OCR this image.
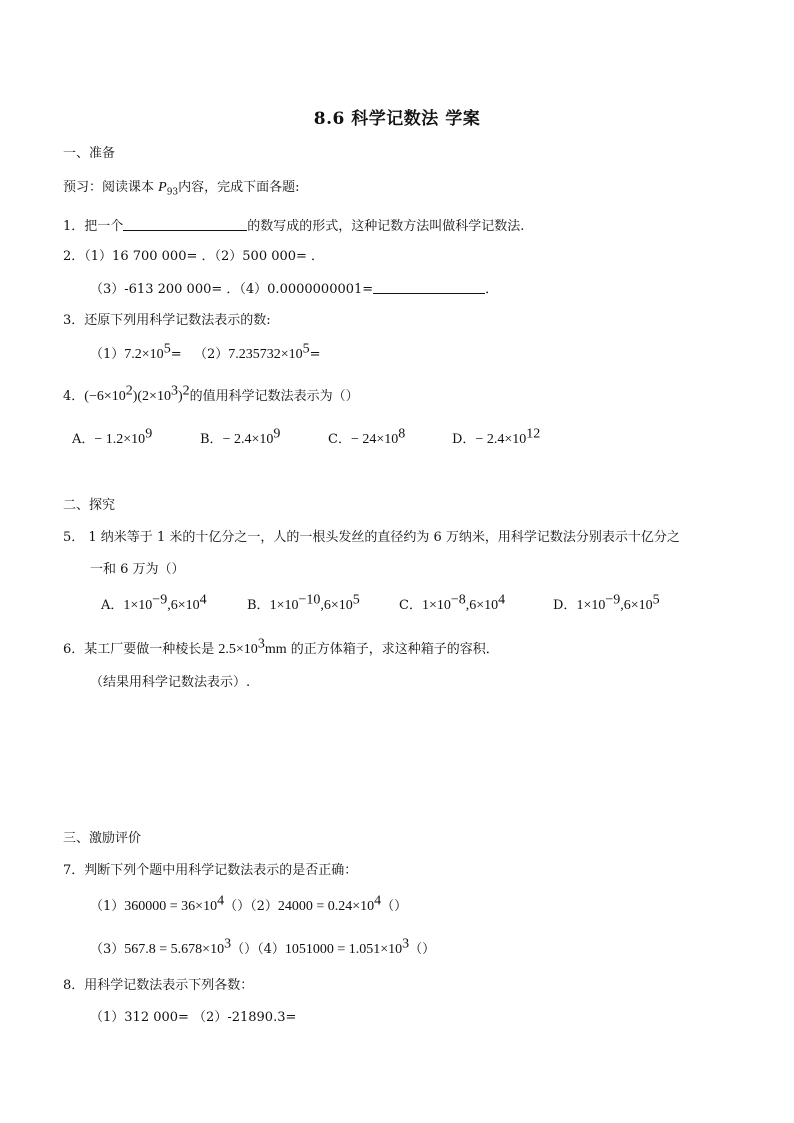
8.6 科学记数法 学案
一、准备
预习：阅读课本 $P_{93}$内容，完成下面各题:
1．把一个	的数写成的形式，这种记数方法叫做科学记数法.
2．（1）16 700 000= ．（2）500 000= ．
（3）-613 200 000= ．（4）0.0000000001=	．
3．还原下列用科学记数法表示的数:
$(1)7.2\times 10^5= (2)7.235732\times 10^5=$
4．$(-6\times 10^2)(2\times 10^3)^2$的值用科学记数法表示为（）
A．− $1.2\times 10^9$	B．− $2.4\times 10^9$	C．− $24\times 10^8$	D．− $2.4\times 10^{12}$
二、探究
5． 1 纳米等于 1 米的十亿分之一，人的一根头发丝的直径约为 6 万纳米，用科学记数法分别表示十亿分之
一和 6 万为（）
A．$1\times 10^{-9},6\times 10^4$	B．$1\times 10^{-10},6\times 10^5$	C．$1\times 10^{-8},6\times 10^4$	D．$1\times 10^{-9},6\times 10^5$
6．某工厂要做一种棱长是 $2.5\times 10^3mm$ 的正方体箱子，求这种箱子的容积．
（结果用科学记数法表示）.
三、激励评价
7．判断下列个题中用科学记数法表示的是否正确：
$(1)360000 = 36\times 10^4()(2)24000 = 0.24\times 10^4()$
$(3)567.8 = 5.678\times 10^3()(4)1051000 = 1.051\times 10^3()$
8．用科学记数法表示下列各数：
（1）312 000= （2）-21890.3=
